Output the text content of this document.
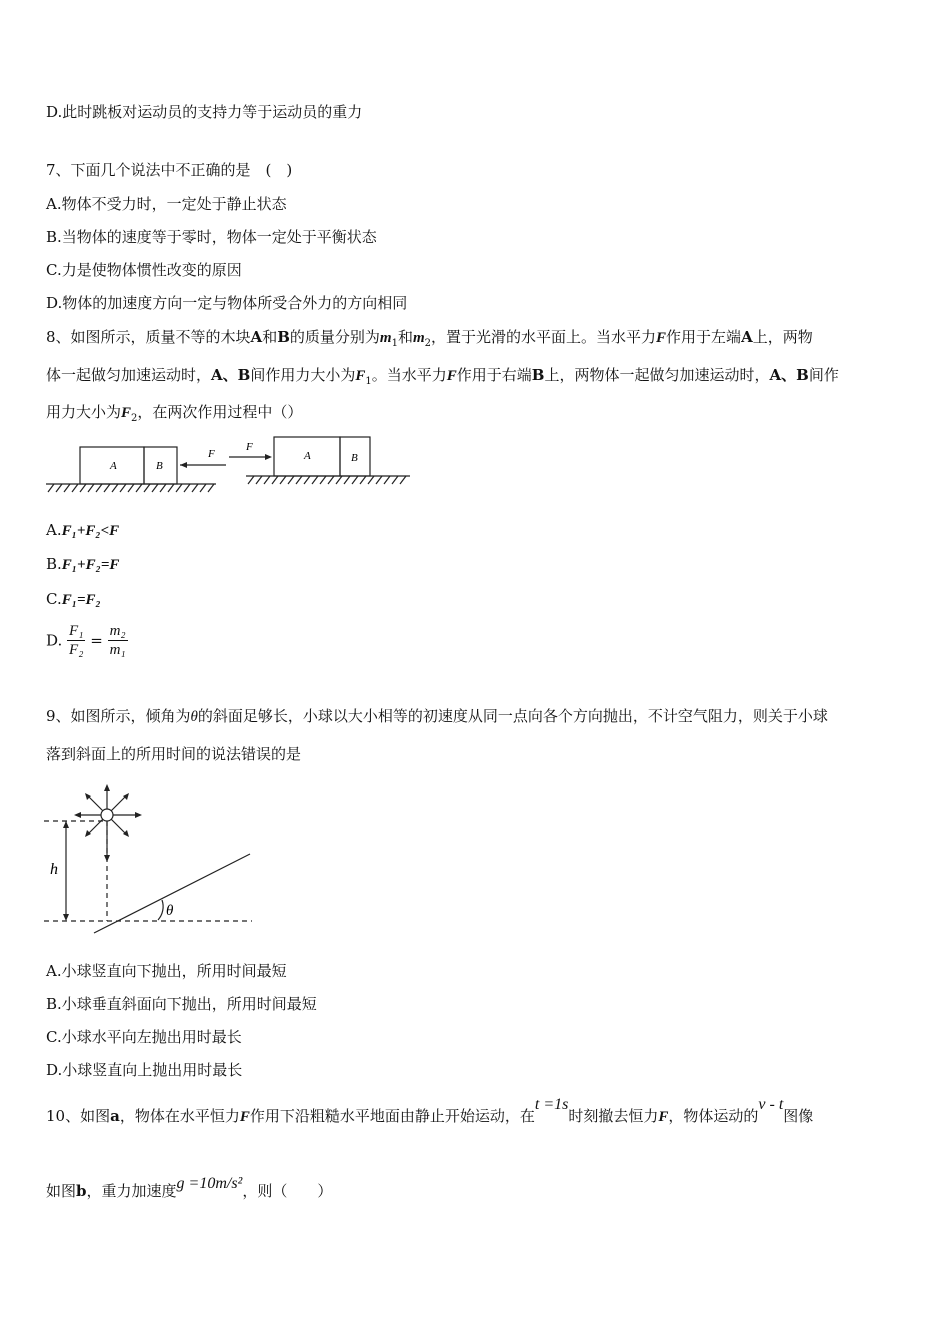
D.此时跳板对运动员的支持力等于运动员的重力
7、下面几个说法中不正确的是　(　)
A.物体不受力时，一定处于静止状态
B.当物体的速度等于零时，物体一定处于平衡状态
C.力是使物体惯性改变的原因
D.物体的加速度方向一定与物体所受合外力的方向相同
8、如图所示，质量不等的木块A和B的质量分别为$m_1$和$m_2$，置于光滑的水平面上。当水平力F作用于左端A上，两物
体一起做匀加速运动时，A、B间作用力大小为$F_1$。当水平力F作用于右端B上，两物体一起做匀加速运动时，A、B间作
用力大小为$F_2$，在两次作用过程中（）
A	B
F	A	B
F
A.F₁+F₂<F
B.F₁+F₂=F
C.F₁=F₂
D. $\frac{\text{F₁}}{\text{F₂}} = \frac{\text{m₂}}{\text{m₁}}$
9、如图所示，倾角为θ的斜面足够长，小球以大小相等的初速度从同一点向各个方向抛出，不计空气阻力，则关于小球
落到斜面上的所用时间的说法错误的是
h
θ
A.小球竖直向下抛出，所用时间最短
B.小球垂直斜面向下抛出，所用时间最短
C.小球水平向左抛出用时最长
D.小球竖直向上抛出用时最长
10、如图a，物体在水平恒力F作用下沿粗糙水平地面由静止开始运动，在t =1s时刻撤去恒力F，物体运动的v - t图像
如图b，重力加速度g =10m/s²，则（　　）
